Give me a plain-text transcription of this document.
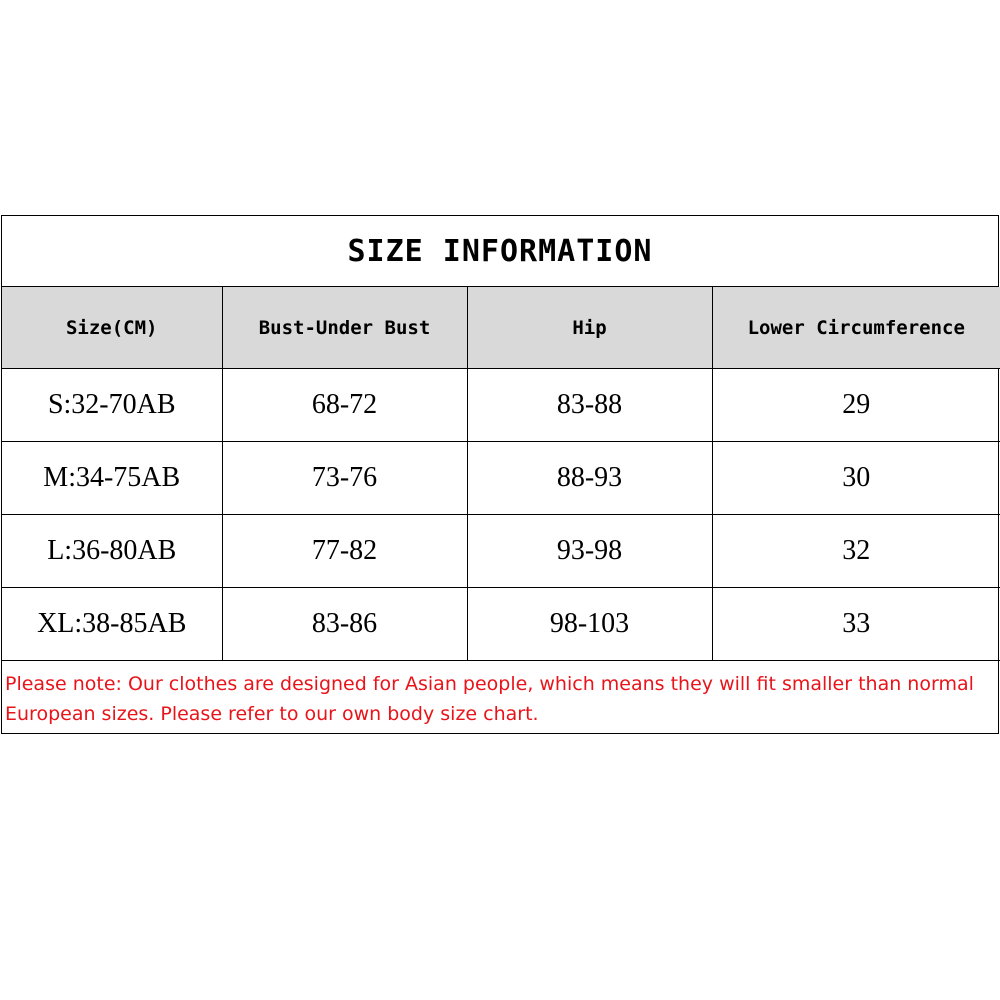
SIZE INFORMATION
Size(CM)	Bust-Under Bust	Hip	Lower Circumference
S:32-70AB	68-72	83-88	29
M:34-75AB	73-76	88-93	30
L:36-80AB	77-82	93-98	32
XL:38-85AB	83-86	98-103	33
Please note: Our clothes are designed for Asian people, which means they will fit smaller than normal European sizes. Please refer to our own body size chart.
